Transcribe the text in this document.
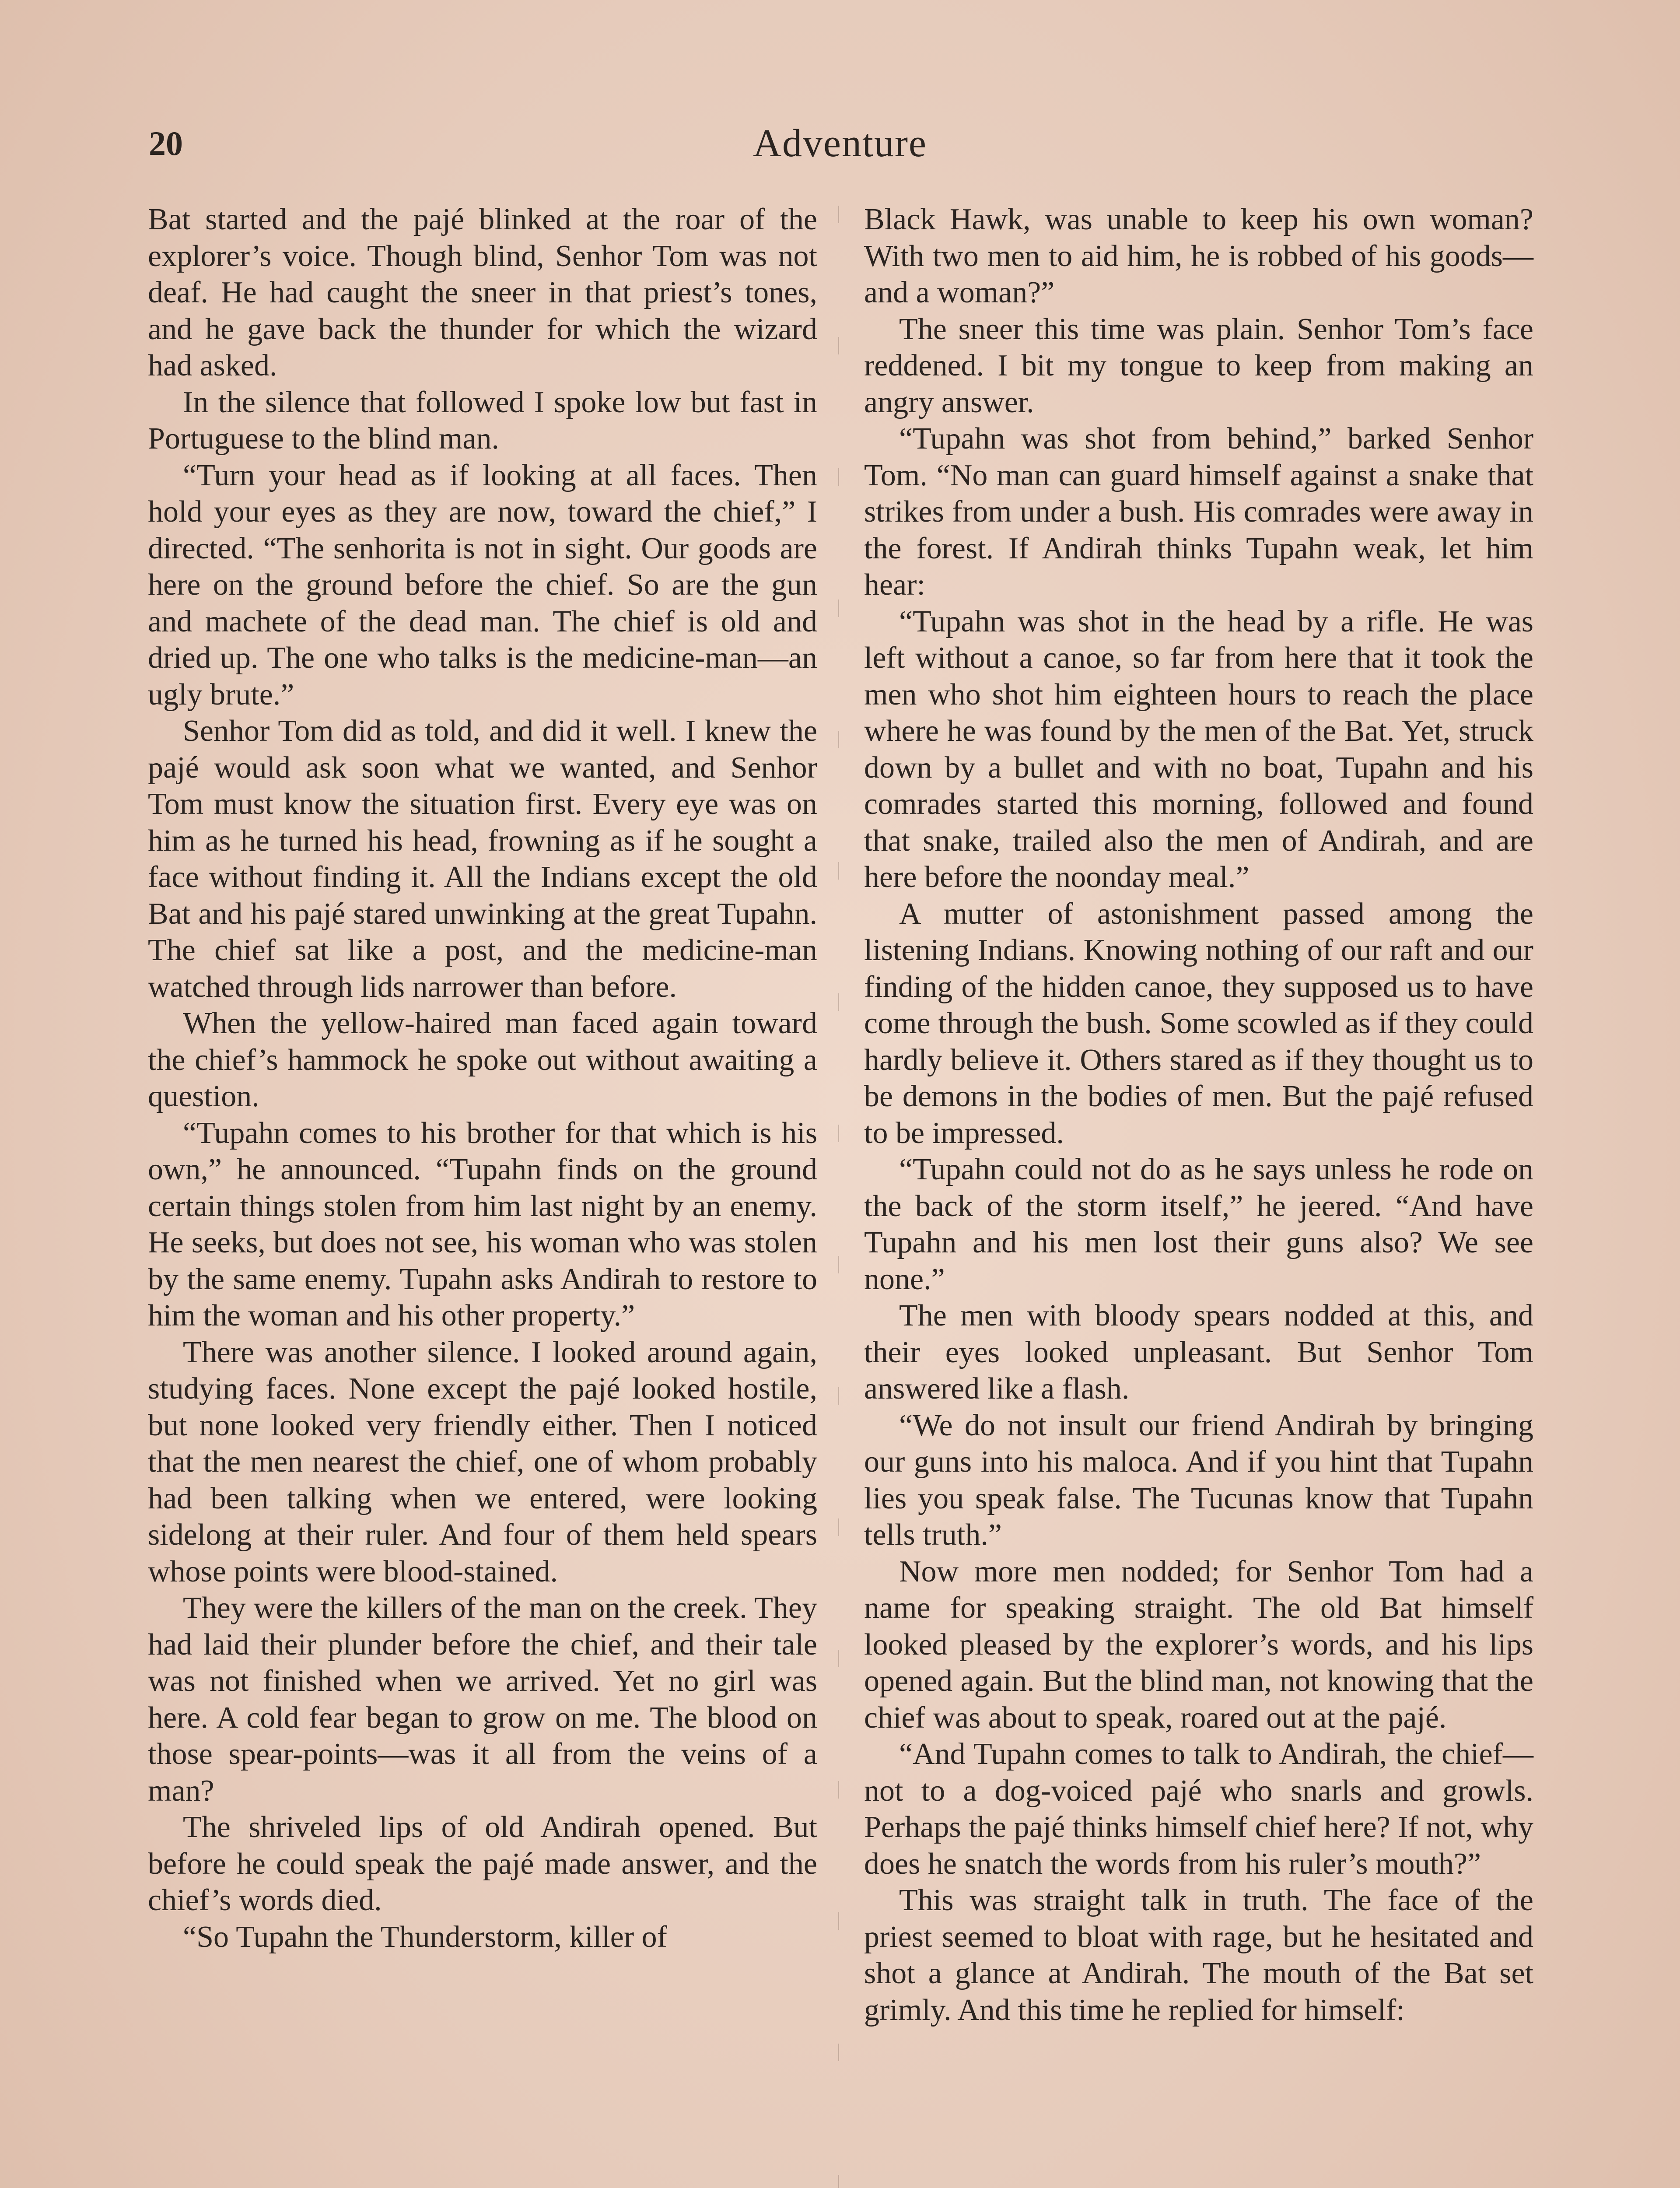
20	Adventure

Bat started and the pajé blinked at the roar of the explorer’s voice. Though blind, Senhor Tom was not deaf. He had caught the sneer in that priest’s tones, and he gave back the thunder for which the wizard had asked.

In the silence that followed I spoke low but fast in Portuguese to the blind man.

“Turn your head as if looking at all faces. Then hold your eyes as they are now, toward the chief,” I directed. “The senhorita is not in sight. Our goods are here on the ground before the chief. So are the gun and machete of the dead man. The chief is old and dried up. The one who talks is the medicine-man—an ugly brute.”

Senhor Tom did as told, and did it well. I knew the pajé would ask soon what we wanted, and Senhor Tom must know the situation first. Every eye was on him as he turned his head, frowning as if he sought a face without finding it. All the Indians except the old Bat and his pajé stared unwinking at the great Tupahn. The chief sat like a post, and the medicine-man watched through lids narrower than before.

When the yellow-haired man faced again toward the chief’s hammock he spoke out without awaiting a question.

“Tupahn comes to his brother for that which is his own,” he announced. “Tupahn finds on the ground certain things stolen from him last night by an enemy. He seeks, but does not see, his woman who was stolen by the same enemy. Tupahn asks Andirah to restore to him the woman and his other property.”

There was another silence. I looked around again, studying faces. None except the pajé looked hostile, but none looked very friendly either. Then I noticed that the men nearest the chief, one of whom probably had been talking when we entered, were looking sidelong at their ruler. And four of them held spears whose points were blood-stained.

They were the killers of the man on the creek. They had laid their plunder before the chief, and their tale was not finished when we arrived. Yet no girl was here. A cold fear began to grow on me. The blood on those spear-points—was it all from the veins of a man?

The shriveled lips of old Andirah opened. But before he could speak the pajé made answer, and the chief’s words died.

“So Tupahn the Thunderstorm, killer of

Black Hawk, was unable to keep his own woman? With two men to aid him, he is robbed of his goods—and a woman?”

The sneer this time was plain. Senhor Tom’s face reddened. I bit my tongue to keep from making an angry answer.

“Tupahn was shot from behind,” barked Senhor Tom. “No man can guard himself against a snake that strikes from under a bush. His comrades were away in the forest. If Andirah thinks Tupahn weak, let him hear:

“Tupahn was shot in the head by a rifle. He was left without a canoe, so far from here that it took the men who shot him eighteen hours to reach the place where he was found by the men of the Bat. Yet, struck down by a bullet and with no boat, Tupahn and his comrades started this morning, followed and found that snake, trailed also the men of Andirah, and are here before the noonday meal.”

A mutter of astonishment passed among the listening Indians. Knowing nothing of our raft and our finding of the hidden canoe, they supposed us to have come through the bush. Some scowled as if they could hardly believe it. Others stared as if they thought us to be demons in the bodies of men. But the pajé refused to be impressed.

“Tupahn could not do as he says unless he rode on the back of the storm itself,” he jeered. “And have Tupahn and his men lost their guns also? We see none.”

The men with bloody spears nodded at this, and their eyes looked unpleasant. But Senhor Tom answered like a flash.

“We do not insult our friend Andirah by bringing our guns into his maloca. And if you hint that Tupahn lies you speak false. The Tucunas know that Tupahn tells truth.”

Now more men nodded; for Senhor Tom had a name for speaking straight. The old Bat himself looked pleased by the explorer’s words, and his lips opened again. But the blind man, not knowing that the chief was about to speak, roared out at the pajé.

“And Tupahn comes to talk to Andirah, the chief—not to a dog-voiced pajé who snarls and growls. Perhaps the pajé thinks himself chief here? If not, why does he snatch the words from his ruler’s mouth?”

This was straight talk in truth. The face of the priest seemed to bloat with rage, but he hesitated and shot a glance at Andirah. The mouth of the Bat set grimly. And this time he replied for himself:
